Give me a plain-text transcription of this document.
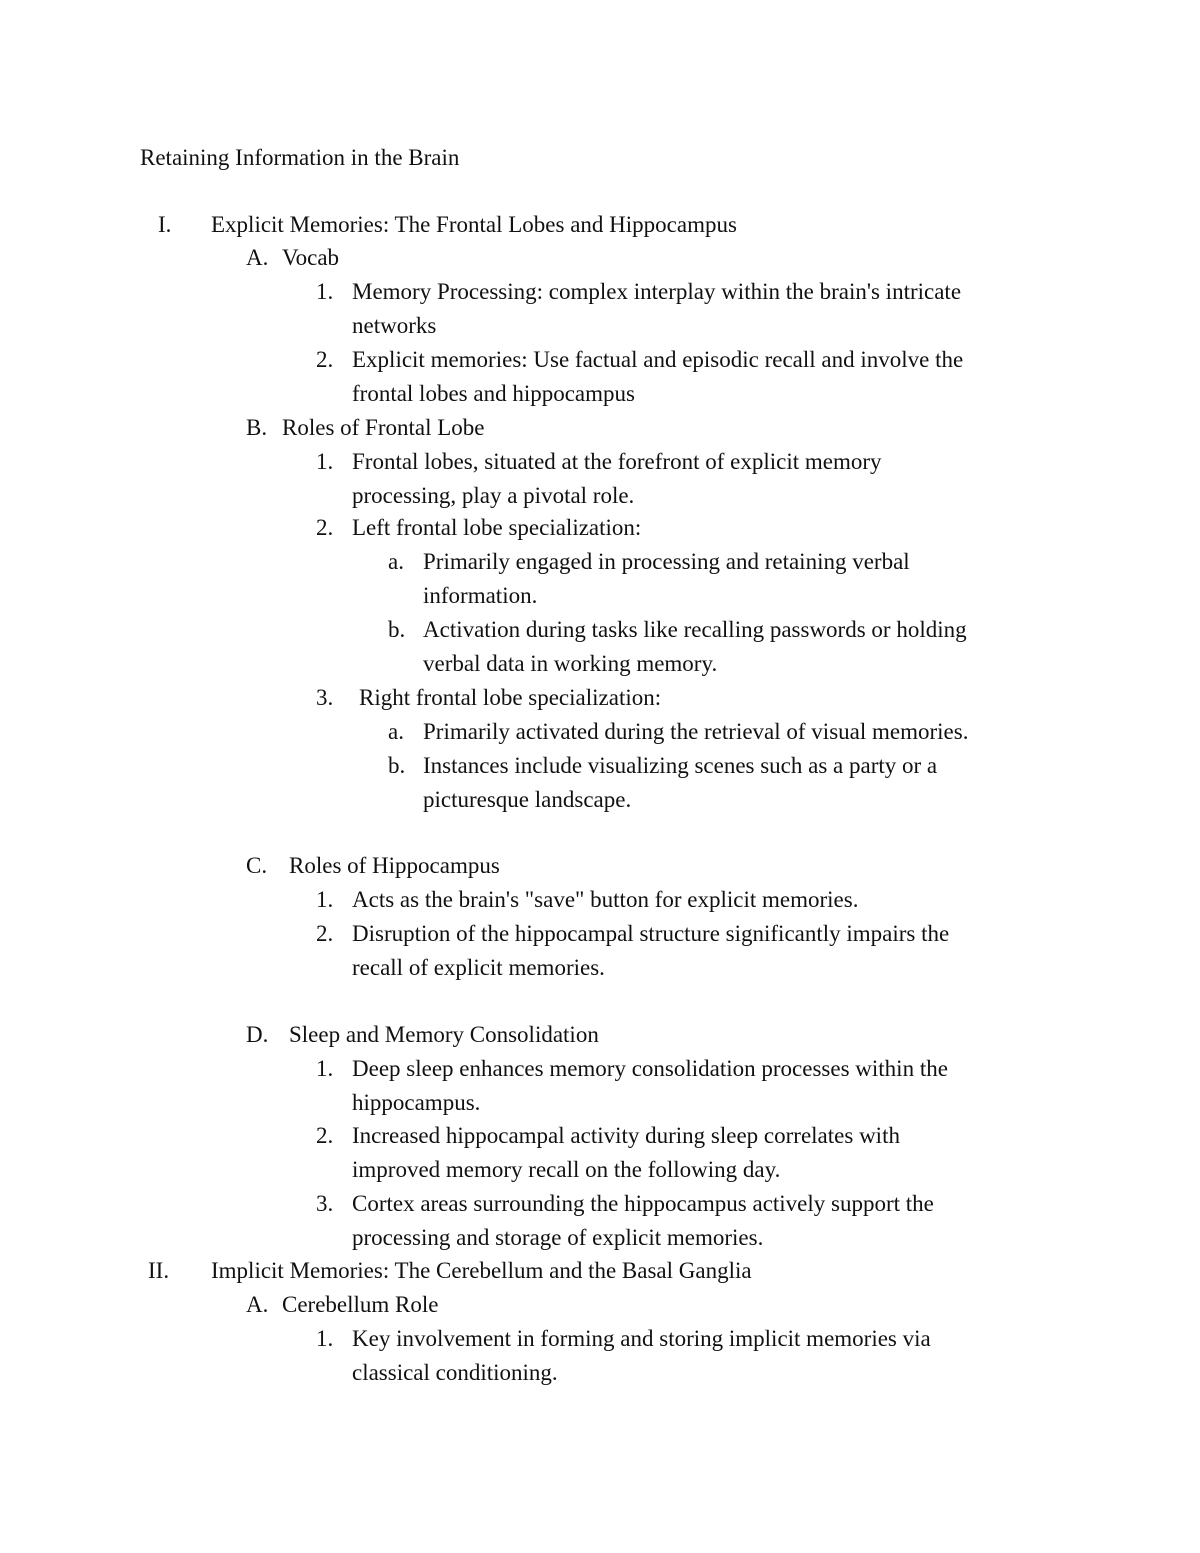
Retaining Information in the Brain
I. Explicit Memories: The Frontal Lobes and Hippocampus
A. Vocab
1. Memory Processing: complex interplay within the brain's intricate
networks
2. Explicit memories: Use factual and episodic recall and involve the
frontal lobes and hippocampus
B. Roles of Frontal Lobe
1. Frontal lobes, situated at the forefront of explicit memory
processing, play a pivotal role.
2. Left frontal lobe specialization:
a. Primarily engaged in processing and retaining verbal
information.
b. Activation during tasks like recalling passwords or holding
verbal data in working memory.
3. Right frontal lobe specialization:
a. Primarily activated during the retrieval of visual memories.
b. Instances include visualizing scenes such as a party or a
picturesque landscape.
C. Roles of Hippocampus
1. Acts as the brain's "save" button for explicit memories.
2. Disruption of the hippocampal structure significantly impairs the
recall of explicit memories.
D. Sleep and Memory Consolidation
1. Deep sleep enhances memory consolidation processes within the
hippocampus.
2. Increased hippocampal activity during sleep correlates with
improved memory recall on the following day.
3. Cortex areas surrounding the hippocampus actively support the
processing and storage of explicit memories.
II. Implicit Memories: The Cerebellum and the Basal Ganglia
A. Cerebellum Role
1. Key involvement in forming and storing implicit memories via
classical conditioning.
